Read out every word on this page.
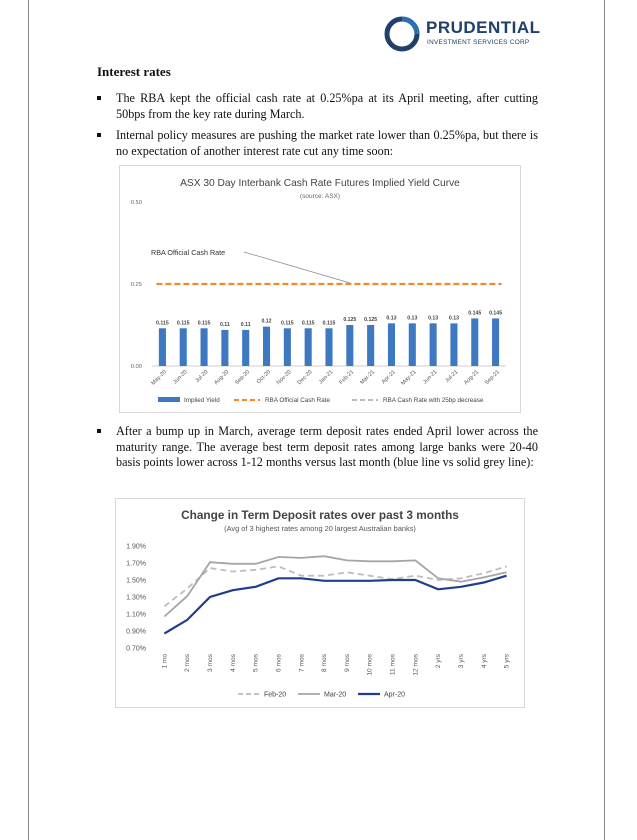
PRUDENTIAL
INVESTMENT SERVICES CORP
Interest rates
The RBA kept the official cash rate at 0.25%pa at its April meeting, after cutting 50bps from the key rate during March.
Internal policy measures are pushing the market rate lower than 0.25%pa, but there is no expectation of another interest rate cut any time soon:
ASX 30 Day Interbank Cash Rate Futures Implied Yield Curve
(source: ASX)
0.115 0.115 0.115 0.11 0.11
0.12 0.115 0.115 0.115
0.125 0.125 0.13 0.13 0.13 0.13
0.145 0.145
May-20 Jun-20 Jul-20 Aug-20 Sep-20 Oct-20 Nov-20 Dec-20 Jan-21 Feb-21 Mar-21 Apr-21 May-21 Jun-21 Jul-21 Aug-21 Sep-21
0.00
0.25
0.50
RBA Official Cash Rate
Implied Yield	RBA Official Cash Rate	RBA Cash Rate with 25bp decrease
After a bump up in March, average term deposit rates ended April lower across the maturity range. The average best term deposit rates among large banks were 20-40 basis points lower across 1-12 months versus last month (blue line vs solid grey line):
Change in Term Deposit rates over past 3 months
(Avg of 3 highest rates among 20 largest Australian banks)
0.70%
0.90%
1.10%
1.30%
1.50%
1.70%
1.90%
1 mo 2 mos 3 mos 4 mos 5 mos 6 mos 7 mos 8 mos 9 mos 10 mos 11 mos 12 mos 2 yrs 3 yrs 4 yrs 5 yrs
Feb-20	Mar-20	Apr-20
